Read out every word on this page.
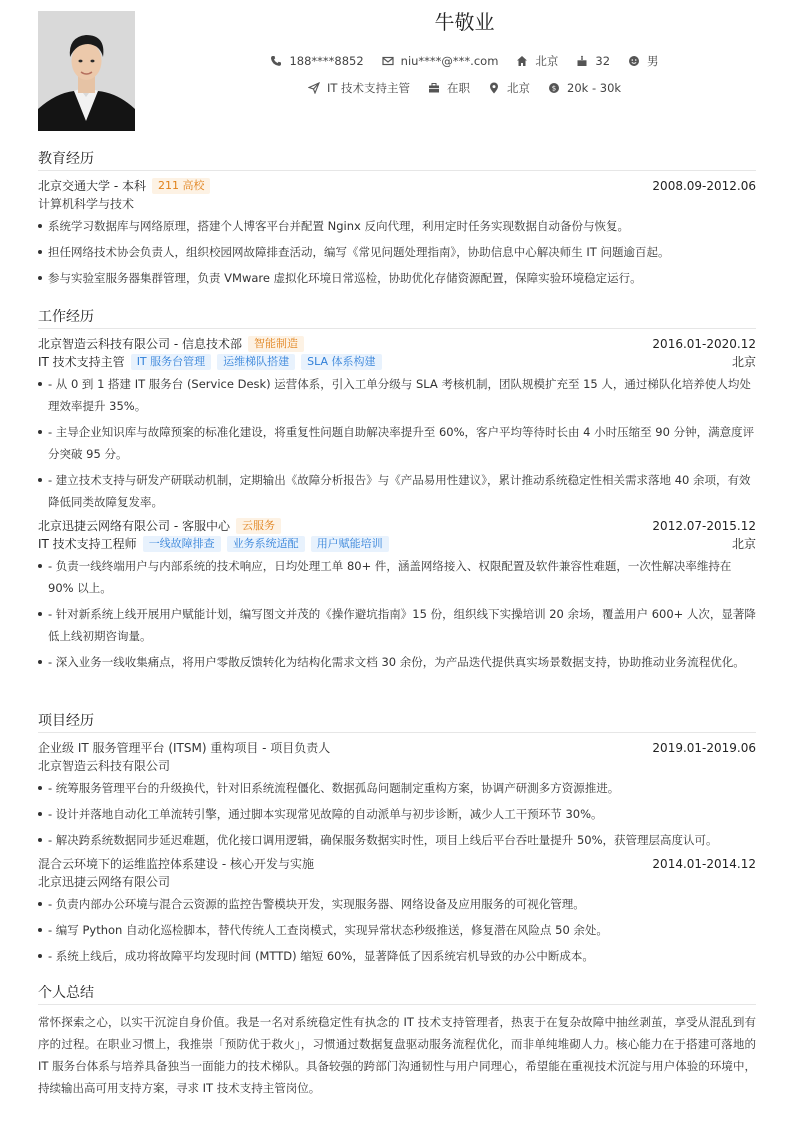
牛敬业
188****8852	niu****@***.com	北京	32	男
IT 技术支持主管	在职	北京	$ 20k - 30k
教育经历
北京交通大学 - 本科	211 高校	2008.09-2012.06
计算机科学与技术
系统学习数据库与网络原理，搭建个人博客平台并配置 Nginx 反向代理，利用定时任务实现数据自动备份与恢复。
担任网络技术协会负责人，组织校园网故障排查活动，编写《常见问题处理指南》，协助信息中心解决师生 IT 问题逾百起。
参与实验室服务器集群管理，负责 VMware 虚拟化环境日常巡检，协助优化存储资源配置，保障实验环境稳定运行。
工作经历
北京智造云科技有限公司 - 信息技术部	智能制造	2016.01-2020.12
IT 技术支持主管	IT 服务台管理	运维梯队搭建	SLA 体系构建	北京
- 从 0 到 1 搭建 IT 服务台 (Service Desk) 运营体系，引入工单分级与 SLA 考核机制，团队规模扩充至 15 人，通过梯队化培养使人均处理效率提升 35%。
- 主导企业知识库与故障预案的标准化建设，将重复性问题自助解决率提升至 60%，客户平均等待时长由 4 小时压缩至 90 分钟，满意度评分突破 95 分。
- 建立技术支持与研发产研联动机制，定期输出《故障分析报告》与《产品易用性建议》，累计推动系统稳定性相关需求落地 40 余项，有效降低同类故障复发率。
北京迅捷云网络有限公司 - 客服中心	云服务	2012.07-2015.12
IT 技术支持工程师	一线故障排查	业务系统适配	用户赋能培训	北京
- 负责一线终端用户与内部系统的技术响应，日均处理工单 80+ 件，涵盖网络接入、权限配置及软件兼容性难题，一次性解决率维持在 90% 以上。
- 针对新系统上线开展用户赋能计划，编写图文并茂的《操作避坑指南》15 份，组织线下实操培训 20 余场，覆盖用户 600+ 人次，显著降低上线初期咨询量。
- 深入业务一线收集痛点，将用户零散反馈转化为结构化需求文档 30 余份，为产品迭代提供真实场景数据支持，协助推动业务流程优化。
项目经历
企业级 IT 服务管理平台 (ITSM) 重构项目 - 项目负责人	2019.01-2019.06
北京智造云科技有限公司
- 统筹服务管理平台的升级换代，针对旧系统流程僵化、数据孤岛问题制定重构方案，协调产研測多方资源推进。
- 设计并落地自动化工单流转引擎，通过脚本实现常见故障的自动派单与初步诊断，减少人工干预环节 30%。
- 解决跨系统数据同步延迟难题，优化接口调用逻辑，确保服务数据实时性，项目上线后平台吞吐量提升 50%，获管理层高度认可。
混合云环境下的运维监控体系建设 - 核心开发与实施	2014.01-2014.12
北京迅捷云网络有限公司
- 负责内部办公环境与混合云资源的监控告警模块开发，实现服务器、网络设备及应用服务的可视化管理。
- 编写 Python 自动化巡检脚本，替代传统人工查岗模式，实现异常状态秒级推送，修复潜在风险点 50 余处。
- 系统上线后，成功将故障平均发现时间 (MTTD) 缩短 60%，显著降低了因系统宕机导致的办公中断成本。
个人总结
常怀探索之心，以实干沉淀自身价值。我是一名对系统稳定性有执念的 IT 技术支持管理者，热衷于在复杂故障中抽丝剥茧，享受从混乱到有序的过程。在职业习惯上，我推崇「预防优于救火」，习惯通过数据复盘驱动服务流程优化，而非单纯堆砌人力。核心能力在于搭建可落地的 IT 服务台体系与培养具备独当一面能力的技术梯队。具备较强的跨部门沟通韧性与用户同理心，希望能在重视技术沉淀与用户体验的环境中，持续输出高可用支持方案，寻求 IT 技术支持主管岗位。
